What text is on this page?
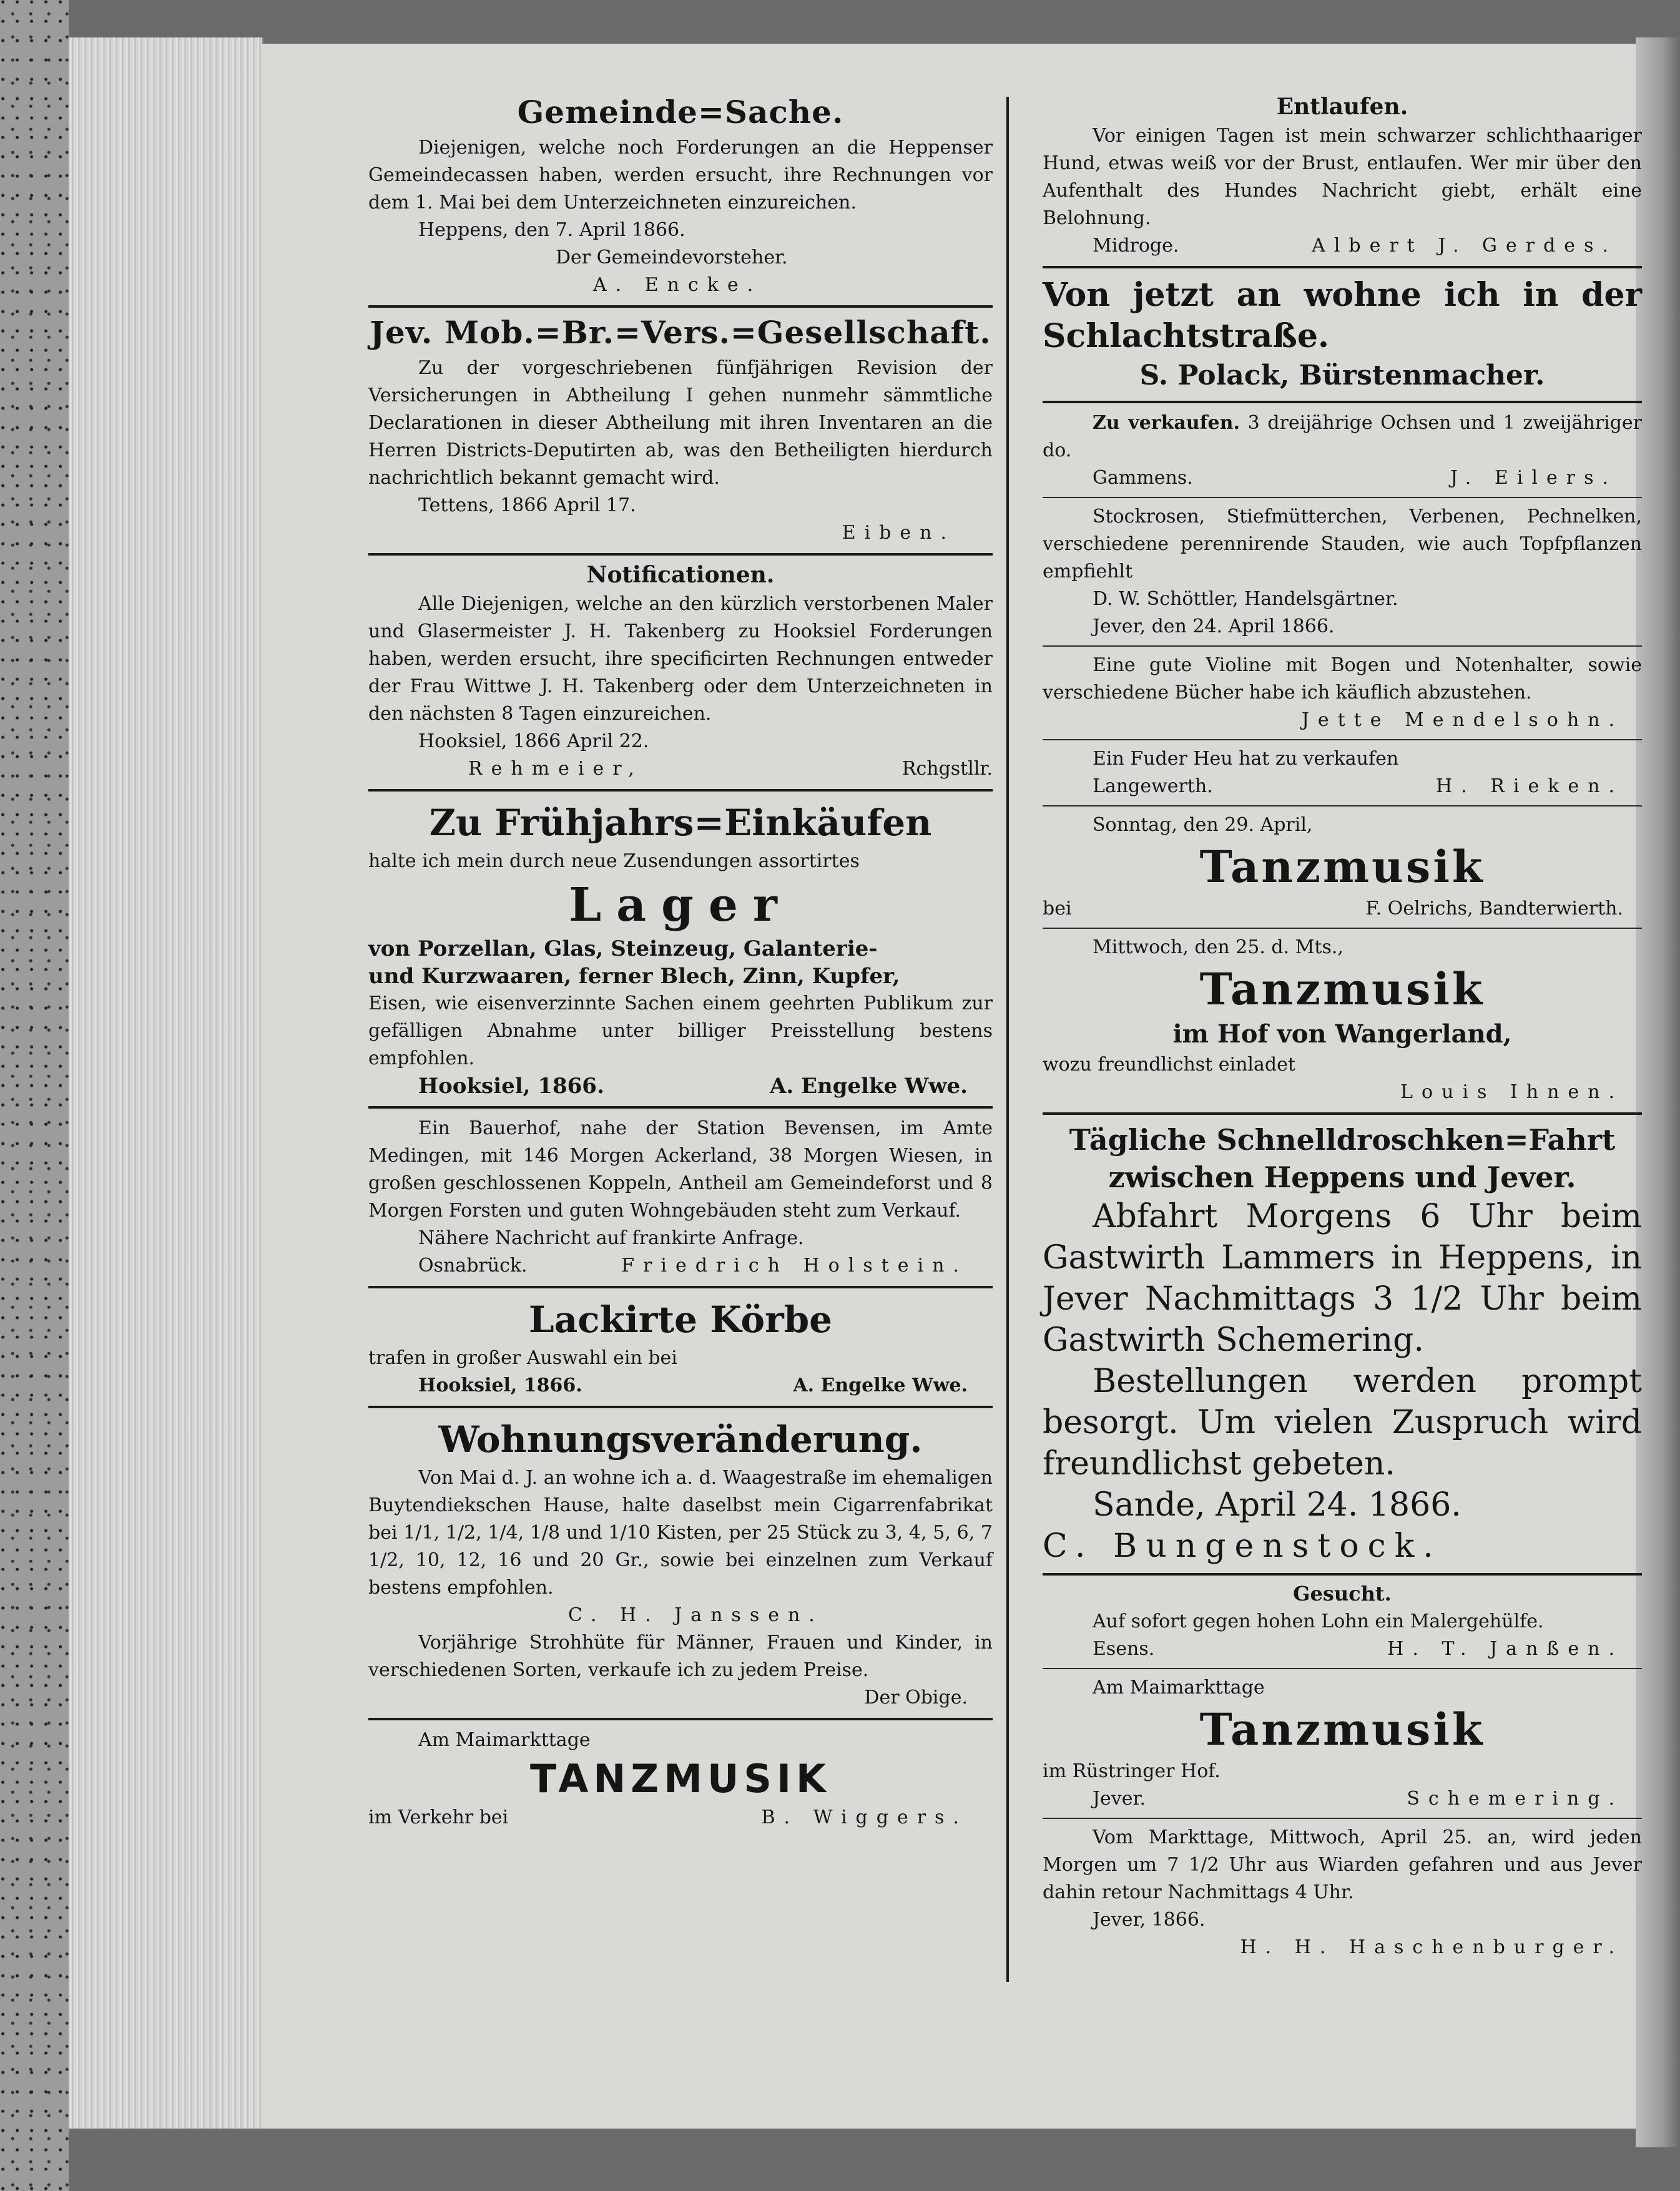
Gemeinde=Sache.

Diejenigen, welche noch Forderungen an die Heppenser Gemeindecassen haben, werden ersucht, ihre Rechnungen vor dem 1. Mai bei dem Unterzeichneten einzureichen.

Heppens, den 7. April 1866.

Der Gemeindevorsteher.

A. Encke.

Jev. Mob.=Br.=Vers.=Gesellschaft.

Zu der vorgeschriebenen fünfjährigen Revision der Versicherungen in Abtheilung I gehen nunmehr sämmtliche Declarationen in dieser Abtheilung mit ihren Inventaren an die Herren Districts-Deputirten ab, was den Betheiligten hierdurch nachrichtlich bekannt gemacht wird.

Tettens, 1866 April 17.

Eiben.

Notificationen.

Alle Diejenigen, welche an den kürzlich verstorbenen Maler und Glasermeister J. H. Takenberg zu Hooksiel Forderungen haben, werden ersucht, ihre specificirten Rechnungen entweder der Frau Wittwe J. H. Takenberg oder dem Unterzeichneten in den nächsten 8 Tagen einzureichen.

Hooksiel, 1866 April 22.

Rehmeier,	Rchgstllr.

Zu Frühjahrs=Einkäufen

halte ich mein durch neue Zusendungen assortirtes

Lager

von Porzellan, Glas, Steinzeug, Galanterie-

und Kurzwaaren, ferner Blech, Zinn, Kupfer,

Eisen, wie eisenverzinnte Sachen einem geehrten Publikum zur gefälligen Abnahme unter billiger Preisstellung bestens empfohlen.

Hooksiel, 1866.	A. Engelke Wwe.

Ein Bauerhof, nahe der Station Bevensen, im Amte Medingen, mit 146 Morgen Ackerland, 38 Morgen Wiesen, in großen geschlossenen Koppeln, Antheil am Gemeindeforst und 8 Morgen Forsten und guten Wohngebäuden steht zum Verkauf.

Nähere Nachricht auf frankirte Anfrage.

Osnabrück.	Friedrich Holstein.

Lackirte Körbe

trafen in großer Auswahl ein bei

Hooksiel, 1866.	A. Engelke Wwe.

Wohnungsveränderung.

Von Mai d. J. an wohne ich a. d. Waagestraße im ehemaligen Buytendiekschen Hause, halte daselbst mein Cigarrenfabrikat bei 1/1, 1/2, 1/4, 1/8 und 1/10 Kisten, per 25 Stück zu 3, 4, 5, 6, 7 1/2, 10, 12, 16 und 20 Gr., sowie bei einzelnen zum Verkauf bestens empfohlen.

C. H. Janssen.

Vorjährige Strohhüte für Männer, Frauen und Kinder, in verschiedenen Sorten, verkaufe ich zu jedem Preise.

Der Obige.

Am Maimarkttage

TANZMUSIK

im Verkehr bei	B. Wiggers.

Entlaufen.

Vor einigen Tagen ist mein schwarzer schlichthaariger Hund, etwas weiß vor der Brust, entlaufen. Wer mir über den Aufenthalt des Hundes Nachricht giebt, erhält eine Belohnung.

Midroge.	Albert J. Gerdes.

Von jetzt an wohne ich in der Schlachtstraße.

S. Polack, Bürstenmacher.

Zu verkaufen. 3 dreijährige Ochsen und 1 zweijähriger do.

Gammens.	J. Eilers.

Stockrosen, Stiefmütterchen, Verbenen, Pechnelken, verschiedene perennirende Stauden, wie auch Topfpflanzen empfiehlt

D. W. Schöttler, Handelsgärtner.

Jever, den 24. April 1866.

Eine gute Violine mit Bogen und Notenhalter, sowie verschiedene Bücher habe ich käuflich abzustehen.

Jette Mendelsohn.

Ein Fuder Heu hat zu verkaufen

Langewerth.	H. Rieken.

Sonntag, den 29. April,

Tanzmusik

bei	F. Oelrichs, Bandterwierth.

Mittwoch, den 25. d. Mts.,

Tanzmusik

im Hof von Wangerland,

wozu freundlichst einladet

Louis Ihnen.

Tägliche Schnelldroschken=Fahrt

zwischen Heppens und Jever.

Abfahrt Morgens 6 Uhr beim Gastwirth Lammers in Heppens, in Jever Nachmittags 3 1/2 Uhr beim Gastwirth Schemering.

Bestellungen werden prompt besorgt. Um vielen Zuspruch wird freundlichst gebeten.

Sande, April 24. 1866.

C. Bungenstock.

Gesucht.

Auf sofort gegen hohen Lohn ein Malergehülfe.

Esens.	H. T. Janßen.

Am Maimarkttage

Tanzmusik

im Rüstringer Hof.

Jever.	Schemering.

Vom Markttage, Mittwoch, April 25. an, wird jeden Morgen um 7 1/2 Uhr aus Wiarden gefahren und aus Jever dahin retour Nachmittags 4 Uhr.

Jever, 1866.

H. H. Haschenburger.
